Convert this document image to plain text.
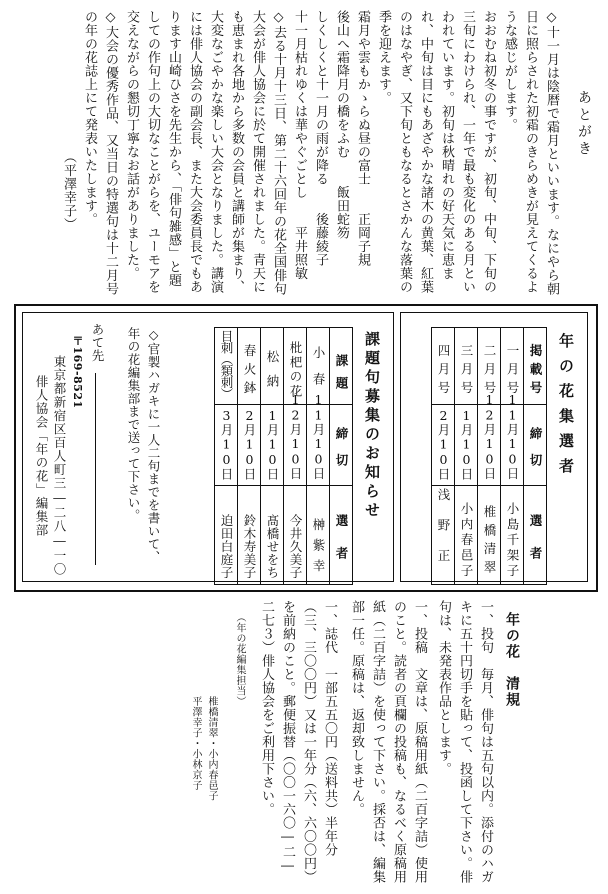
あとがき
◇十一月は陰暦で霜月といいます。なにやら朝日に照らされた初霜のきらめきが見えてくるような感じがします。
おおむね初冬の事ですが、初旬、中旬、下旬の三旬にわけられ、一年で最も変化のある月といわれています。初旬は秋晴れの好天気に恵まれ、中旬は目にもあざやかな諸木の黄葉、紅葉のはなやぎ、又下旬ともなるとさかんな落葉の季を迎えます。
霜月や雲もかゝらぬ昼の富士　　正岡子規
後山へ霜降月の橋をふむ　　飯田蛇笏
しくしくと十一月の雨が降る　　後藤綾子
十一月枯れゆくは華やぐごとし　　平井照敏
◇去る十月十三日、第二十六回年の花全国俳句大会が俳人協会に於て開催されました。青天にも恵まれ各地から多数の会員と講師が集まり、大変なごやかな楽しい大会となりました。講演には俳人協会の副会長、また大会委員長でもあります山崎ひさを先生から、「俳句雑感」と題しての作句上の大切なことがらを、ユーモアを交えながらの懇切丁寧なお話がありました。
◇大会の優秀作品、又当日の特選句は十二月号の年の花誌上にて発表いたします。

（平澤幸子）
年の花集選者
掲載号	一月号	二月号	三月号	四月号

締切	11月10日	12月10日	1月10日	2月10日

選者	小島千架子	椎橋清翠	小内春邑子	浅野正
課題句募集のお知らせ
課題	小春	枇杷の花	松納	春火鉢	目刺（類刺）

締切	11月10日	12月10日	1月10日	2月10日	3月10日

選者	榊紫幸	今井久美子	髙橋せをち	鈴木寿美子	迫田白庭子
◇官製ハガキに一人二句までを書いて、年の花編集部まで送って下さい。
あて先
〒169-8521
東京都新宿区百人町三―二八―一〇
俳人協会「年の花」編集部
年の花　清規
一、投句　毎月、俳句は五句以内。添付のハガキに五十円切手を貼って、投函して下さい。俳句は、未発表作品とします。
一、投稿　文章は、原稿用紙（二百字詰）使用のこと。読者の頁欄の投稿も、なるべく原稿用紙（二百字詰）を使って下さい。採否は、編集部一任。原稿は、返却致しません。
一、誌代　一部五五〇円（送料共）半年分（三、三〇〇円）又は一年分（六、六〇〇円）を前納のこと。郵便振替（〇〇一六〇―二―二七３）俳人協会をご利用下さい。
（年の花編集担当）
椎橋清翠・小内春邑子
平澤幸子・小林京子
